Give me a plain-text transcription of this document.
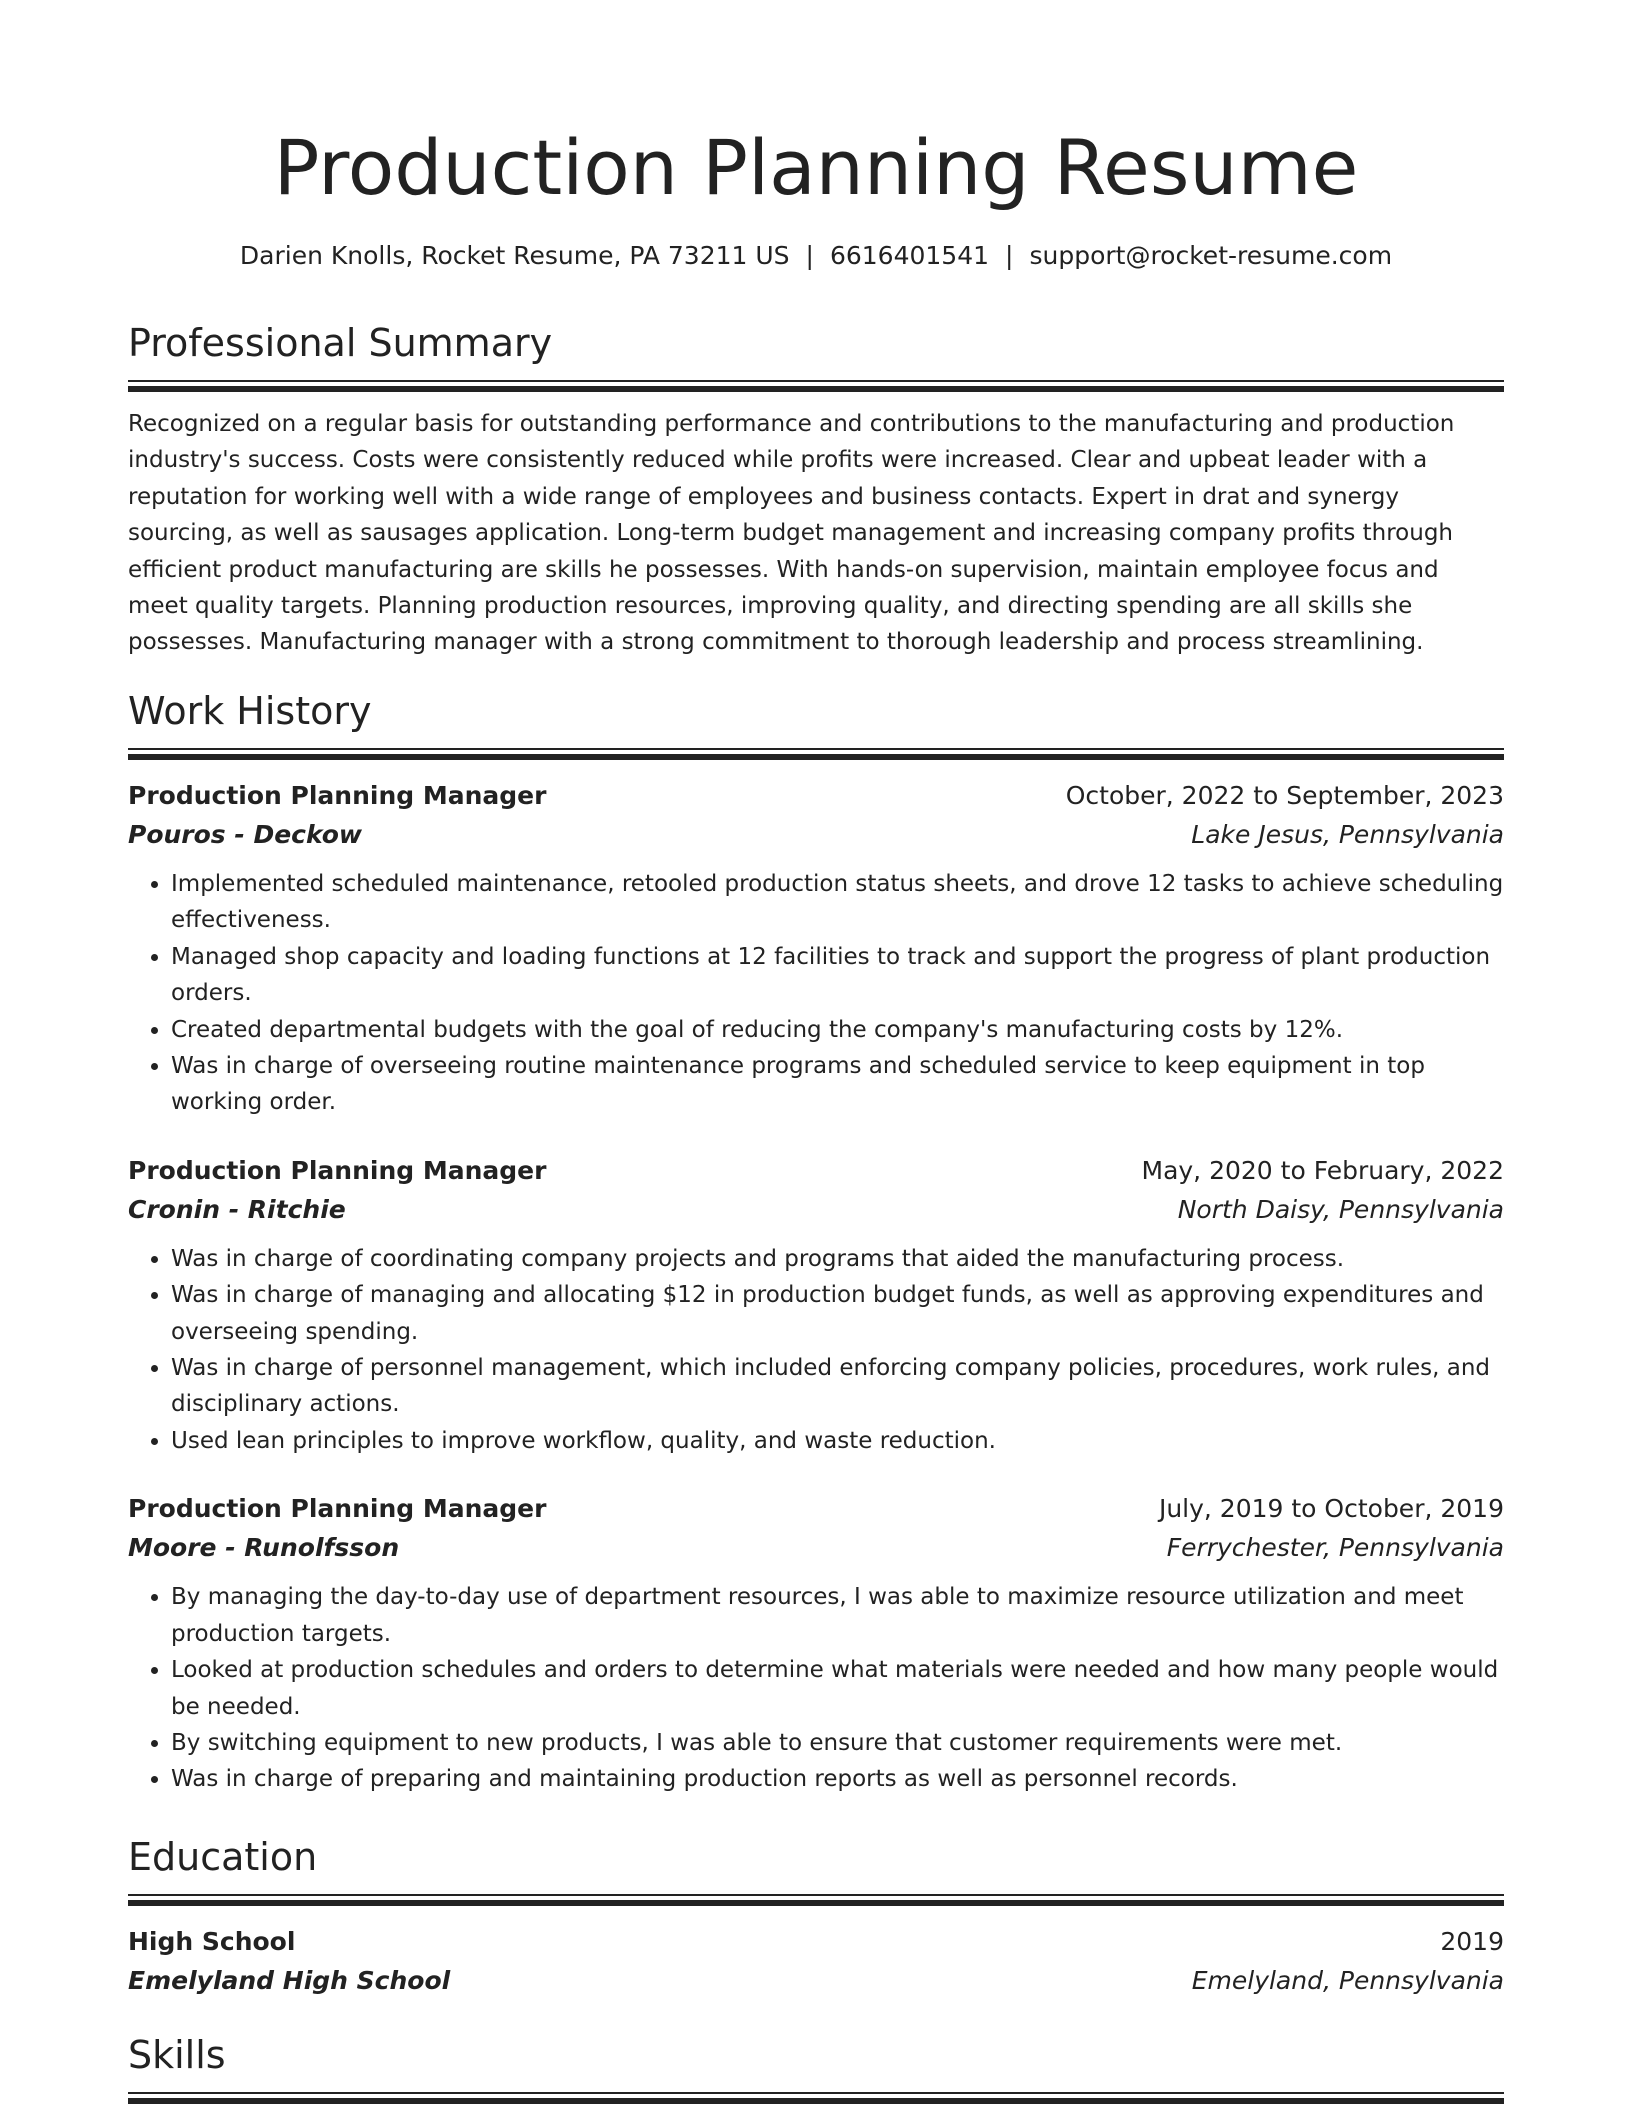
Production Planning Resume
Darien Knolls, Rocket Resume, PA 73211 US | 6616401541 | support@rocket-resume.com
Professional Summary

Recognized on a regular basis for outstanding performance and contributions to the manufacturing and production industry's success. Costs were consistently reduced while profits were increased. Clear and upbeat leader with a reputation for working well with a wide range of employees and business contacts. Expert in drat and synergy sourcing, as well as sausages application. Long-term budget management and increasing company profits through efficient product manufacturing are skills he possesses. With hands-on supervision, maintain employee focus and meet quality targets. Planning production resources, improving quality, and directing spending are all skills she possesses. Manufacturing manager with a strong commitment to thorough leadership and process streamlining.

Work History
Production Planning Manager	October, 2022 to September, 2023
Pouros - Deckow	Lake Jesus, Pennsylvania
• Implemented scheduled maintenance, retooled production status sheets, and drove 12 tasks to achieve scheduling effectiveness.
• Managed shop capacity and loading functions at 12 facilities to track and support the progress of plant production orders.
• Created departmental budgets with the goal of reducing the company's manufacturing costs by 12%.
• Was in charge of overseeing routine maintenance programs and scheduled service to keep equipment in top working order.
Production Planning Manager	May, 2020 to February, 2022
Cronin - Ritchie	North Daisy, Pennsylvania
• Was in charge of coordinating company projects and programs that aided the manufacturing process.
• Was in charge of managing and allocating $12 in production budget funds, as well as approving expenditures and overseeing spending.
• Was in charge of personnel management, which included enforcing company policies, procedures, work rules, and disciplinary actions.
• Used lean principles to improve workflow, quality, and waste reduction.
Production Planning Manager	July, 2019 to October, 2019
Moore - Runolfsson	Ferrychester, Pennsylvania
• By managing the day-to-day use of department resources, I was able to maximize resource utilization and meet production targets.
• Looked at production schedules and orders to determine what materials were needed and how many people would be needed.
• By switching equipment to new products, I was able to ensure that customer requirements were met.
• Was in charge of preparing and maintaining production reports as well as personnel records.
Education
High School	2019
Emelyland High School	Emelyland, Pennsylvania
Skills
